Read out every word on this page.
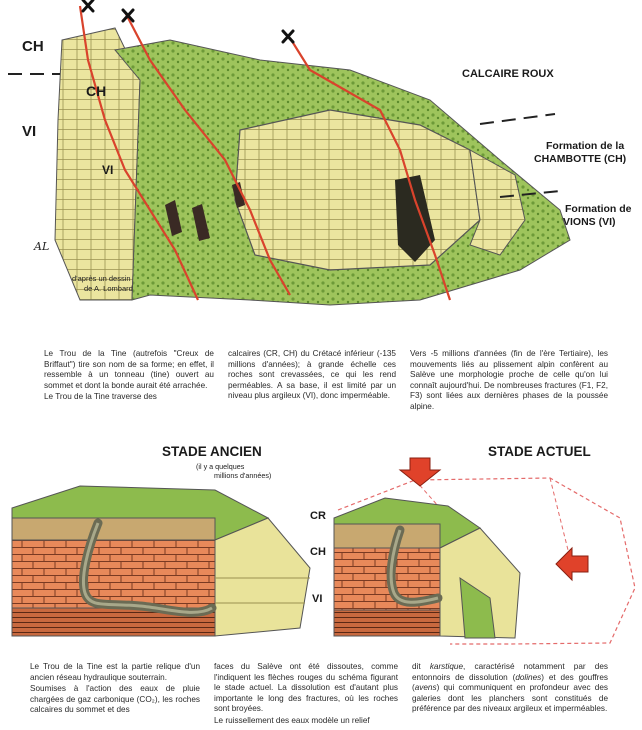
CH
CH
VI
VI
CALCAIRE ROUX
Formation de la
CHAMBOTTE (CH)
Formation de
VIONS (VI)
AL
d'après un dessin
de A. Lombard

Le Trou de la Tine (autrefois "Creux de Briffaut") tire son nom de sa forme; en effet, il ressemble à un tonneau (tine) ouvert au sommet et dont la bonde aurait été arrachée.

Le Trou de la Tine traverse des

calcaires (CR, CH) du Crétacé inférieur (-135 millions d'années); à grande échelle ces roches sont crevassées, ce qui les rend perméables. A sa base, il est limité par un niveau plus argileux (VI), donc imperméable.

Vers -5 millions d'années (fin de l'ère Tertiaire), les mouvements liés au plissement alpin confèrent au Salève une morphologie proche de celle qu'on lui connaît aujourd'hui. De nombreuses fractures (F1, F2, F3) sont liées aux dernières phases de la poussée alpine.

STADE ANCIEN
(il y a quelques
millions d'années)
STADE ACTUEL
CR
CH
VI

Le Trou de la Tine est la partie relique d'un ancien réseau hydraulique souterrain.

Soumises à l'action des eaux de pluie chargées de gaz carbonique (CO₂), les roches calcaires du sommet et des

faces du Salève ont été dissoutes, comme l'indiquent les flèches rouges du schéma figurant le stade actuel. La dissolution est d'autant plus importante le long des fractures, où les roches sont broyées.

Le ruissellement des eaux modèle un relief

dit karstique, caractérisé notamment par des entonnoirs de dissolution (dolines) et des gouffres (avens) qui communiquent en profondeur avec des galeries dont les planchers sont constitués de préférence par des niveaux argileux et imperméables.
